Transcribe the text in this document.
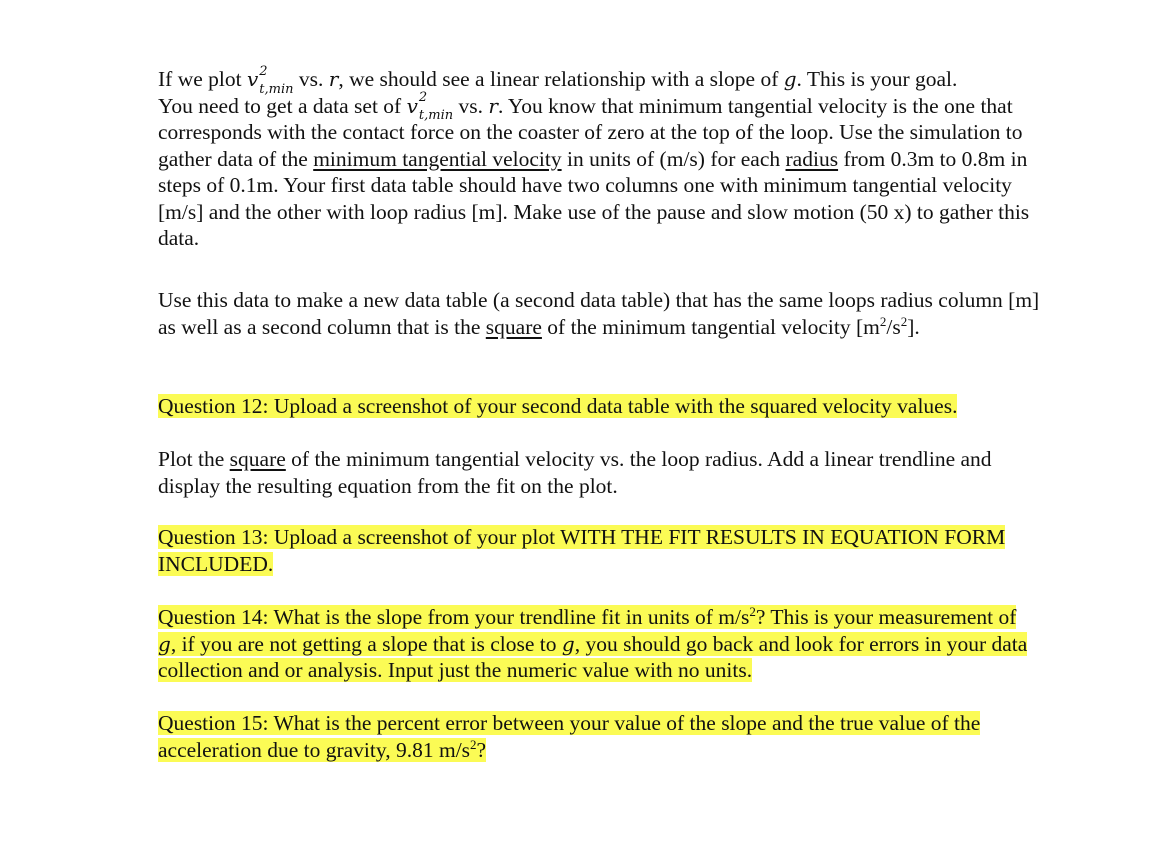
If we plot v 2
t,min vs. r, we should see a linear relationship with a slope of g. This is your goal.
You need to get a data set of v 2
t,min vs. r. You know that minimum tangential velocity is the one that corresponds with the contact force on the coaster of zero at the top of the loop. Use the simulation to gather data of the minimum tangential velocity in units of (m/s) for each radius from 0.3m to 0.8m in steps of 0.1m. Your first data table should have two columns one with minimum tangential velocity [m/s] and the other with loop radius [m]. Make use of the pause and slow motion (50 x) to gather this data.

Use this data to make a new data table (a second data table) that has the same loops radius column [m] as well as a second column that is the square of the minimum tangential velocity $[m^2/s^2]$.

Question 12: Upload a screenshot of your second data table with the squared velocity values.

Plot the square of the minimum tangential velocity vs. the loop radius. Add a linear trendline and display the resulting equation from the fit on the plot.

Question 13: Upload a screenshot of your plot WITH THE FIT RESULTS IN EQUATION FORM INCLUDED.

Question 14: What is the slope from your trendline fit in units of $m/s^2$? This is your measurement of g, if you are not getting a slope that is close to g, you should go back and look for errors in your data collection and or analysis. Input just the numeric value with no units.

Question 15: What is the percent error between your value of the slope and the true value of the acceleration due to gravity, 9.81 $m/s^2$?
